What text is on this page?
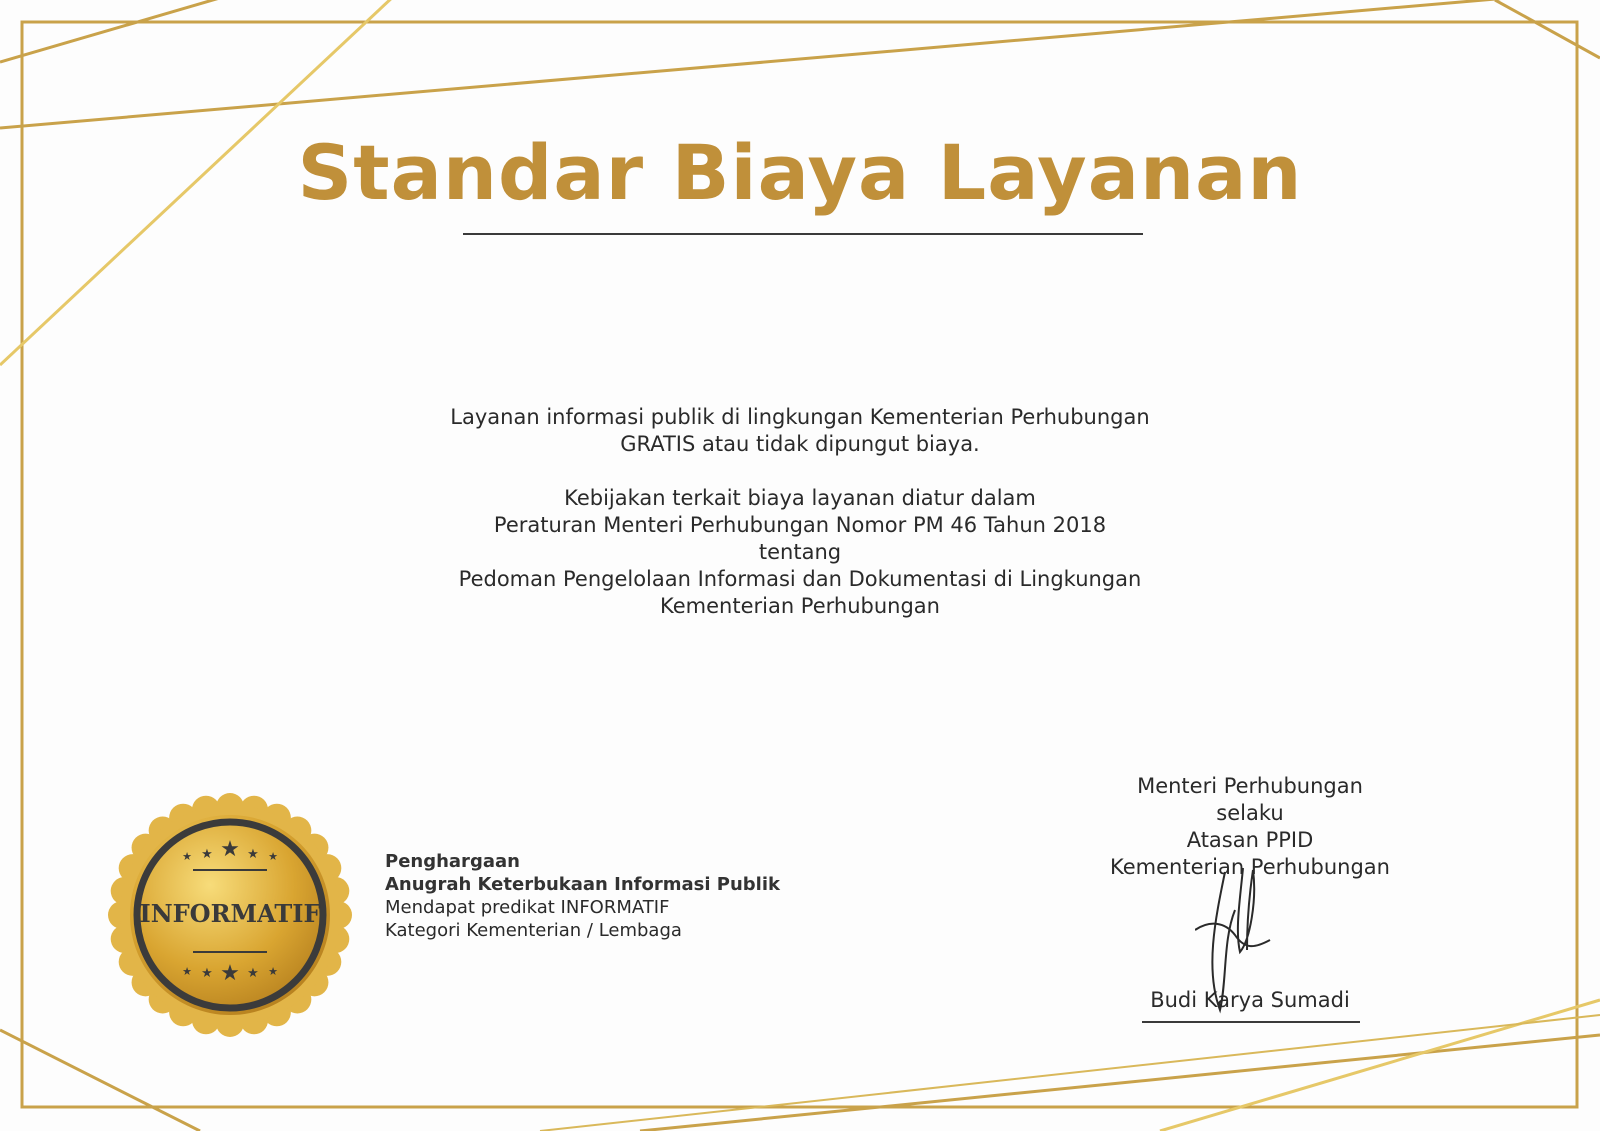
Standar Biaya Layanan
Layanan informasi publik di lingkungan Kementerian Perhubungan
GRATIS atau tidak dipungut biaya.
Kebijakan terkait biaya layanan diatur dalam
Peraturan Menteri Perhubungan Nomor PM 46 Tahun 2018
tentang
Pedoman Pengelolaan Informasi dan Dokumentasi di Lingkungan
Kementerian Perhubungan
★
★	★
★	★
★
★	★
★	★
INFORMATIF
Penghargaan
Anugrah Keterbukaan Informasi Publik
Mendapat predikat INFORMATIF
Kategori Kementerian / Lembaga
Menteri Perhubungan
selaku
Atasan PPID
Kementerian Perhubungan
Budi Karya Sumadi
